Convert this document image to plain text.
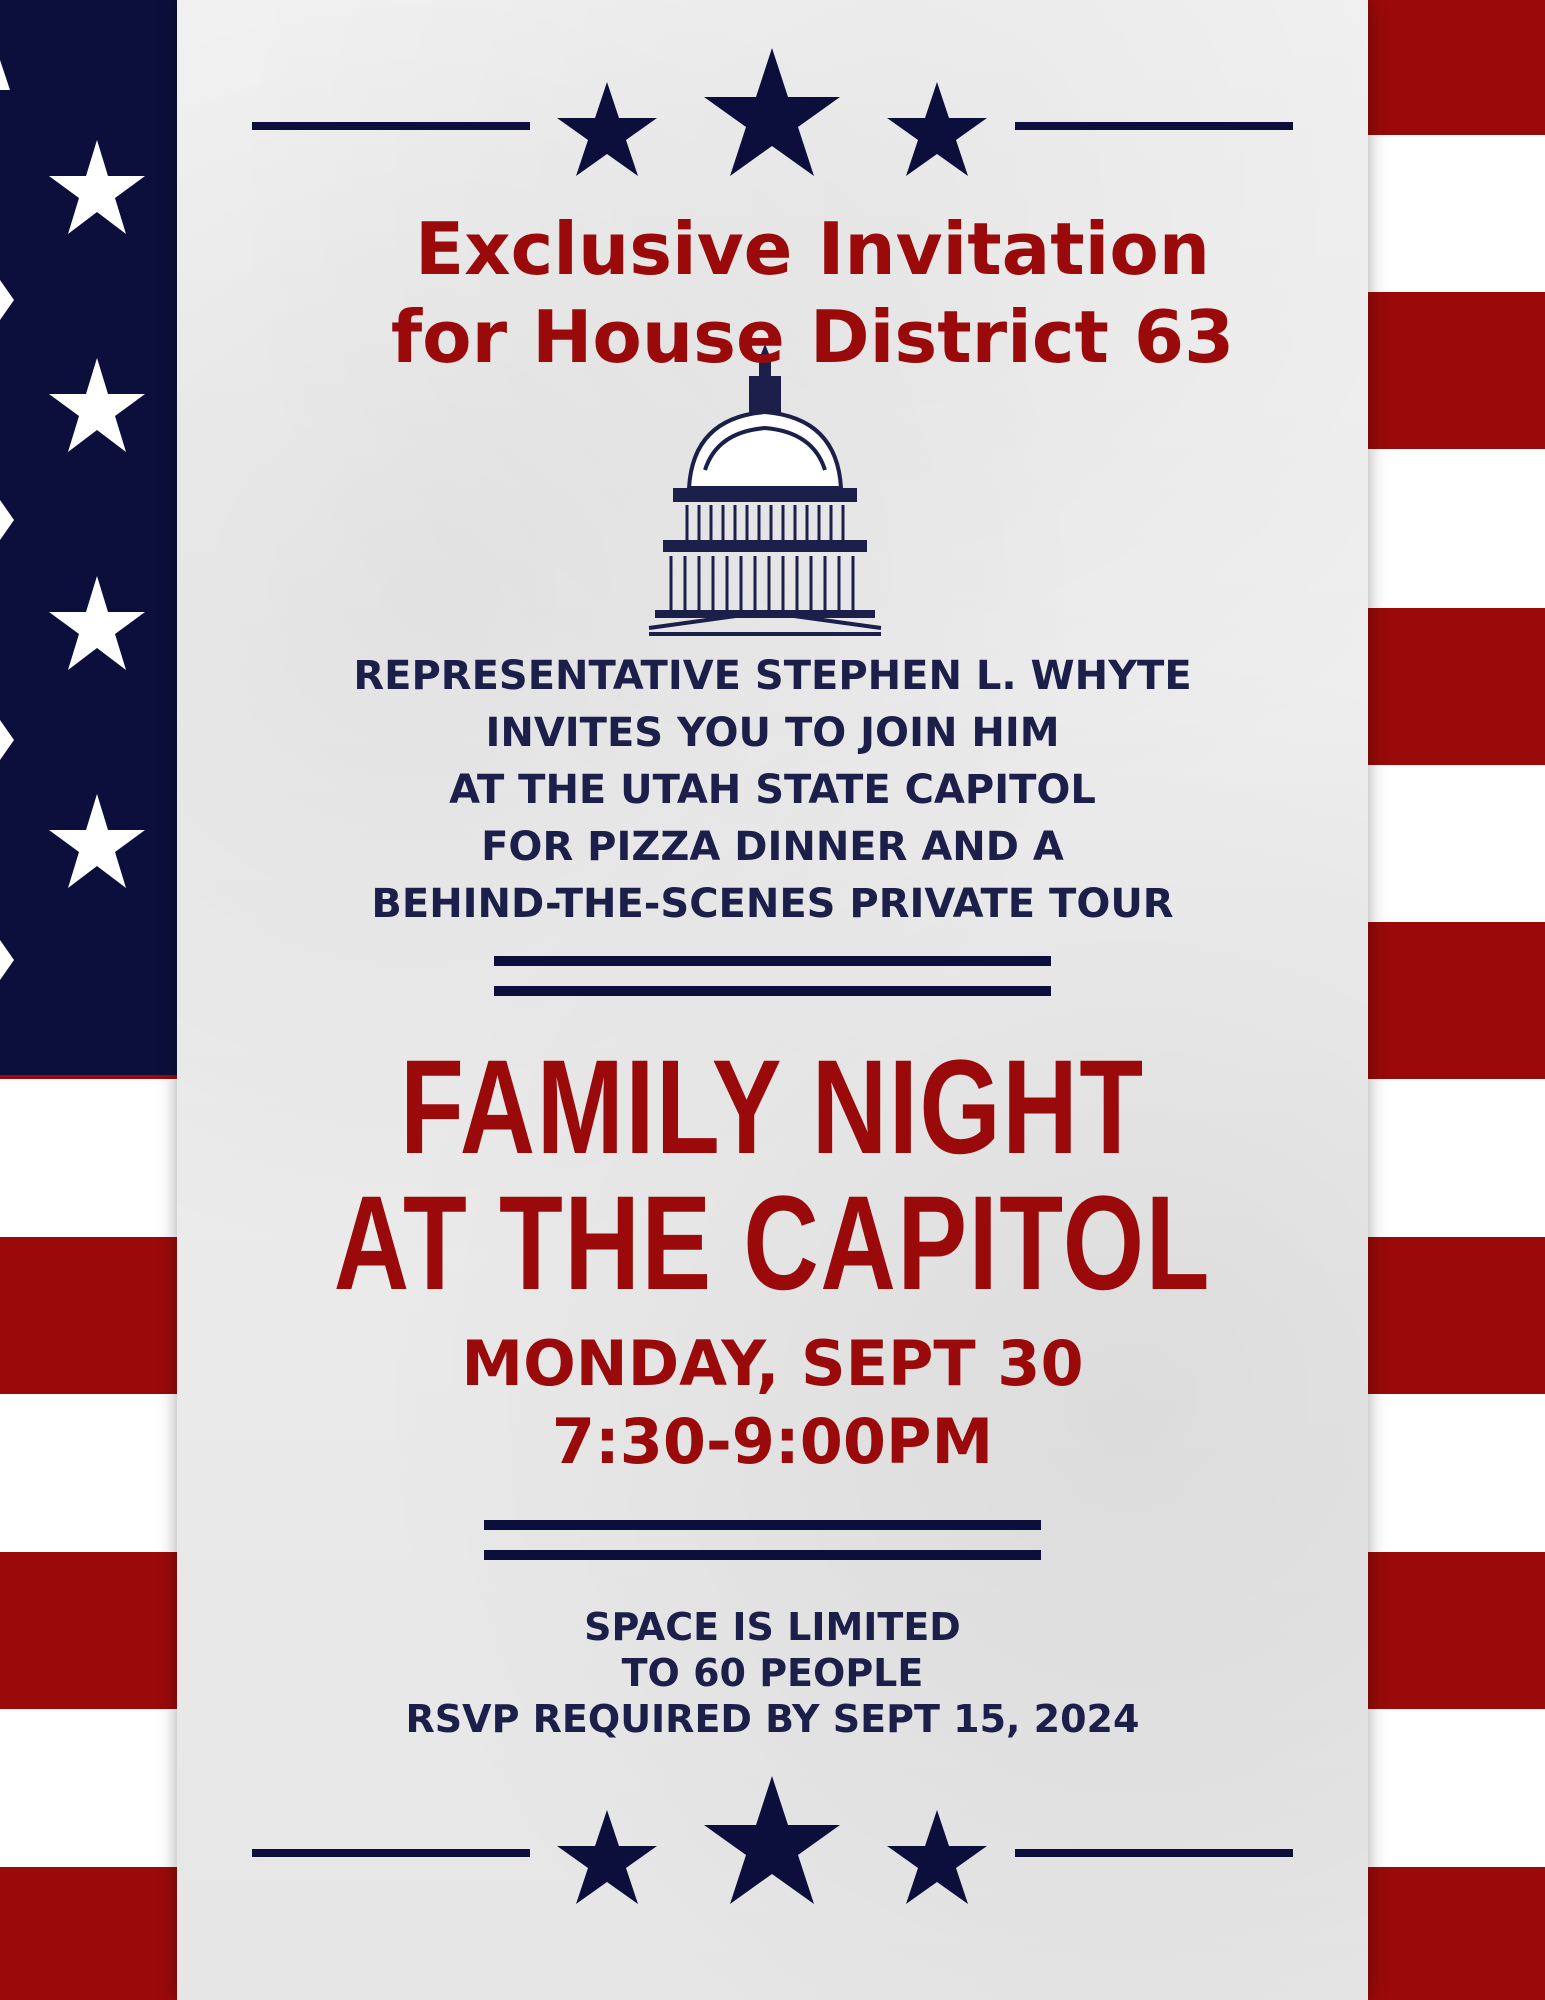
Exclusive Invitation
for House District 63
REPRESENTATIVE STEPHEN L. WHYTE
INVITES YOU TO JOIN HIM
AT THE UTAH STATE CAPITOL
FOR PIZZA DINNER AND A
BEHIND-THE-SCENES PRIVATE TOUR
FAMILY NIGHT
AT THE CAPITOL
MONDAY, SEPT 30
7:30-9:00PM
SPACE IS LIMITED
TO 60 PEOPLE
RSVP REQUIRED BY SEPT 15, 2024
